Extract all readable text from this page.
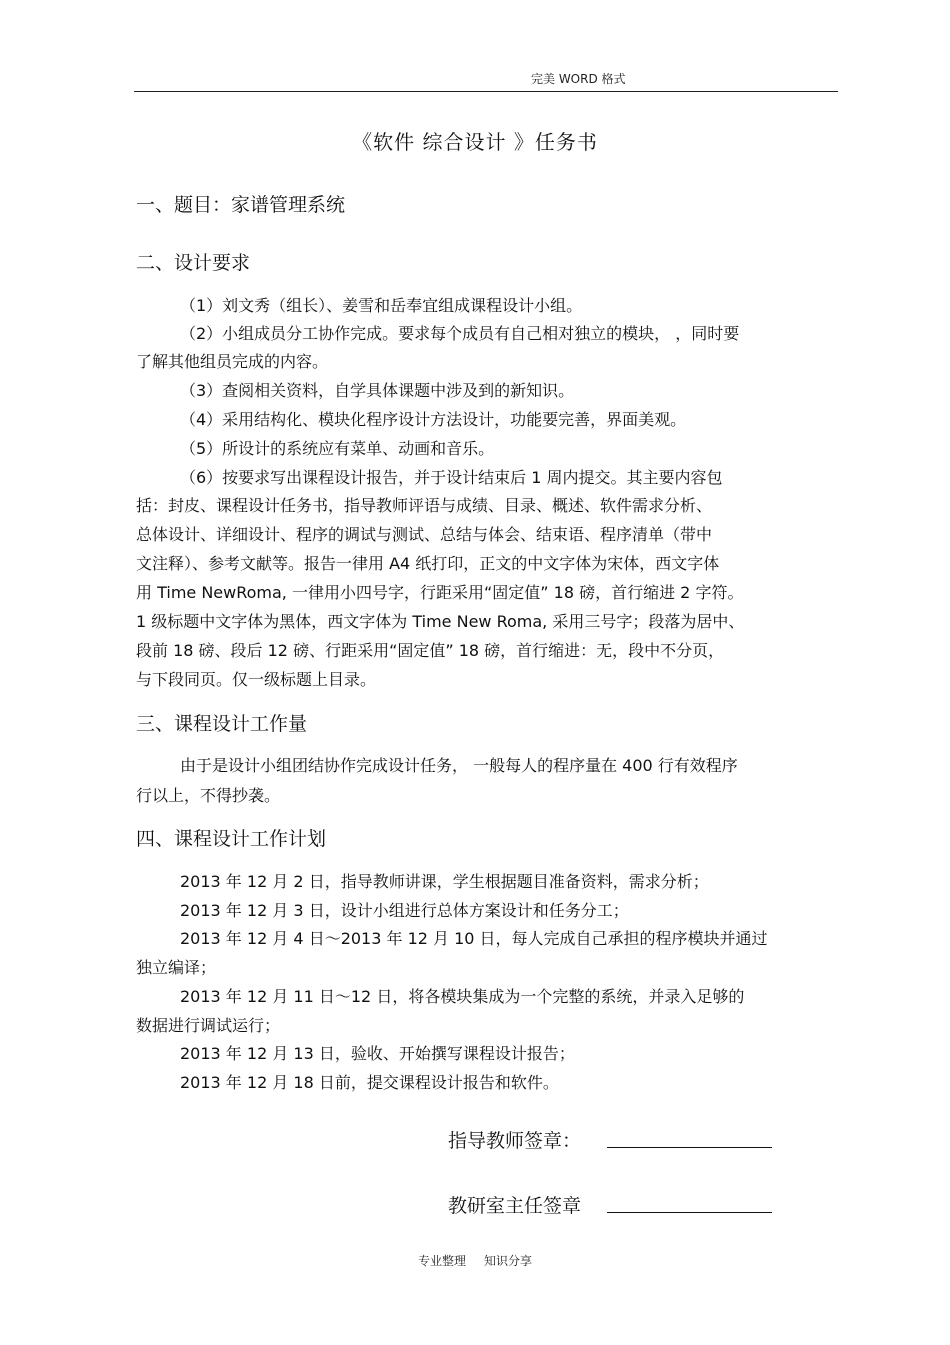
完美 WORD 格式
《软件 综合设计 》任务书
一、题目：家谱管理系统
二、设计要求
（1）刘文秀（组长）、姜雪和岳奉宜组成课程设计小组。
（2）小组成员分工协作完成。要求每个成员有自己相对独立的模块， ，同时要
了解其他组员完成的内容。
（3）查阅相关资料，自学具体课题中涉及到的新知识。
（4）采用结构化、模块化程序设计方法设计，功能要完善，界面美观。
（5）所设计的系统应有菜单、动画和音乐。
（6）按要求写出课程设计报告，并于设计结束后 1 周内提交。其主要内容包
括：封皮、课程设计任务书，指导教师评语与成绩、目录、概述、软件需求分析、
总体设计、详细设计、程序的调试与测试、总结与体会、结束语、程序清单（带中
文注释）、参考文献等。报告一律用 A4 纸打印，正文的中文字体为宋体，西文字体
用 Time NewRoma, 一律用小四号字，行距采用“固定值” 18 磅，首行缩进 2 字符。
1 级标题中文字体为黑体，西文字体为 Time New Roma, 采用三号字；段落为居中、
段前 18 磅、段后 12 磅、行距采用“固定值” 18 磅，首行缩进：无，段中不分页，
与下段同页。仅一级标题上目录。
三、课程设计工作量
由于是设计小组团结协作完成设计任务， 一般每人的程序量在 400 行有效程序
行以上，不得抄袭。
四、课程设计工作计划
2013 年 12 月 2 日，指导教师讲课，学生根据题目准备资料，需求分析；
2013 年 12 月 3 日，设计小组进行总体方案设计和任务分工；
2013 年 12 月 4 日～2013 年 12 月 10 日，每人完成自己承担的程序模块并通过
独立编译；
2013 年 12 月 11 日～12 日，将各模块集成为一个完整的系统，并录入足够的
数据进行调试运行；
2013 年 12 月 13 日，验收、开始撰写课程设计报告；
2013 年 12 月 18 日前，提交课程设计报告和软件。
指导教师签章：
教研室主任签章
专业整理 知识分享
